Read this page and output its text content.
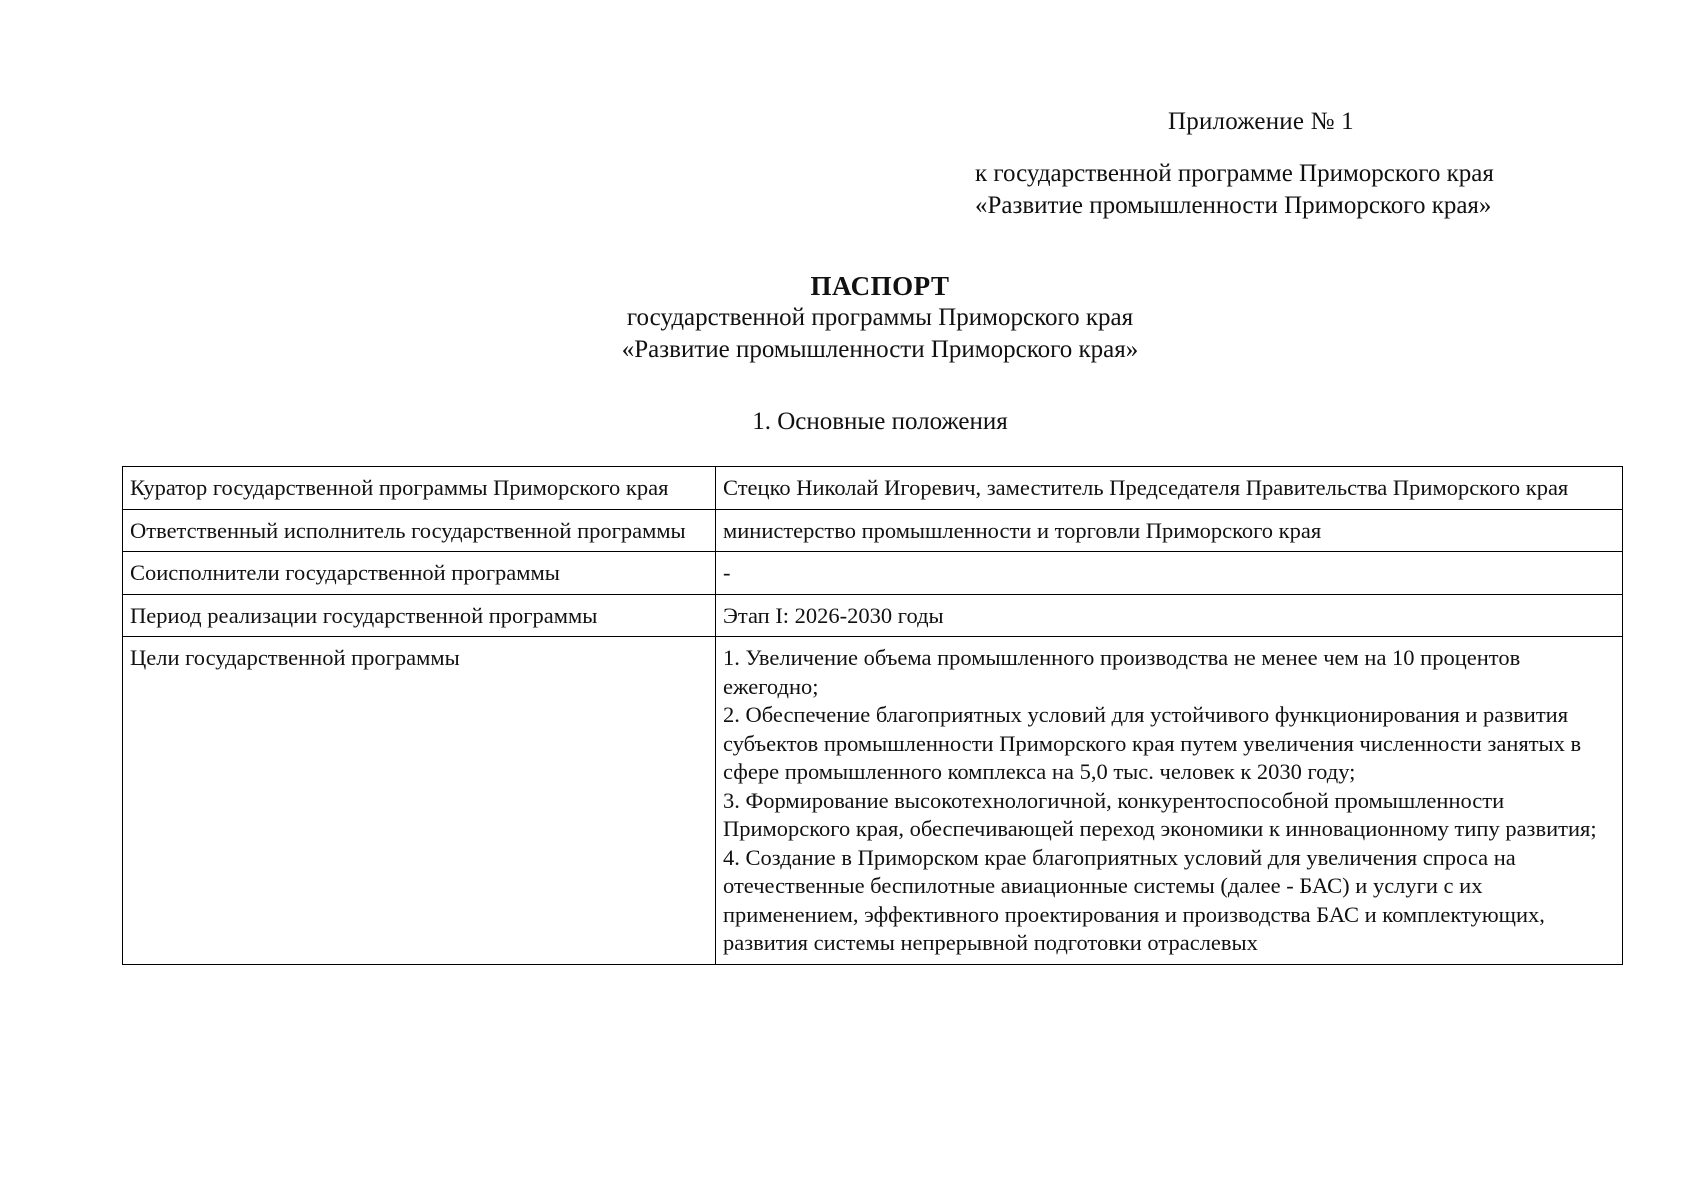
Приложение № 1
к государственной программе Приморского края
«Развитие промышленности Приморского края»
ПАСПОРТ
государственной программы Приморского края
«Развитие промышленности Приморского края»
1. Основные положения
Куратор государственной программы Приморского края	Стецко Николай Игоревич, заместитель Председателя Правительства Приморского края
Ответственный исполнитель государственной программы	министерство промышленности и торговли Приморского края
Соисполнители государственной программы	-
Период реализации государственной программы	Этап I: 2026-2030 годы
Цели государственной программы	1. Увеличение объема промышленного производства не менее чем на 10 процентов ежегодно;
2. Обеспечение благоприятных условий для устойчивого функционирования и развития субъектов промышленности Приморского края путем увеличения численности занятых в сфере промышленного комплекса на 5,0 тыс. человек к 2030 году;
3. Формирование высокотехнологичной, конкурентоспособной промышленности Приморского края, обеспечивающей переход экономики к инновационному типу развития;
4. Создание в Приморском крае благоприятных условий для увеличения спроса на отечественные беспилотные авиационные системы (далее - БАС) и услуги с их применением, эффективного проектирования и производства БАС и комплектующих, развития системы непрерывной подготовки отраслевых
